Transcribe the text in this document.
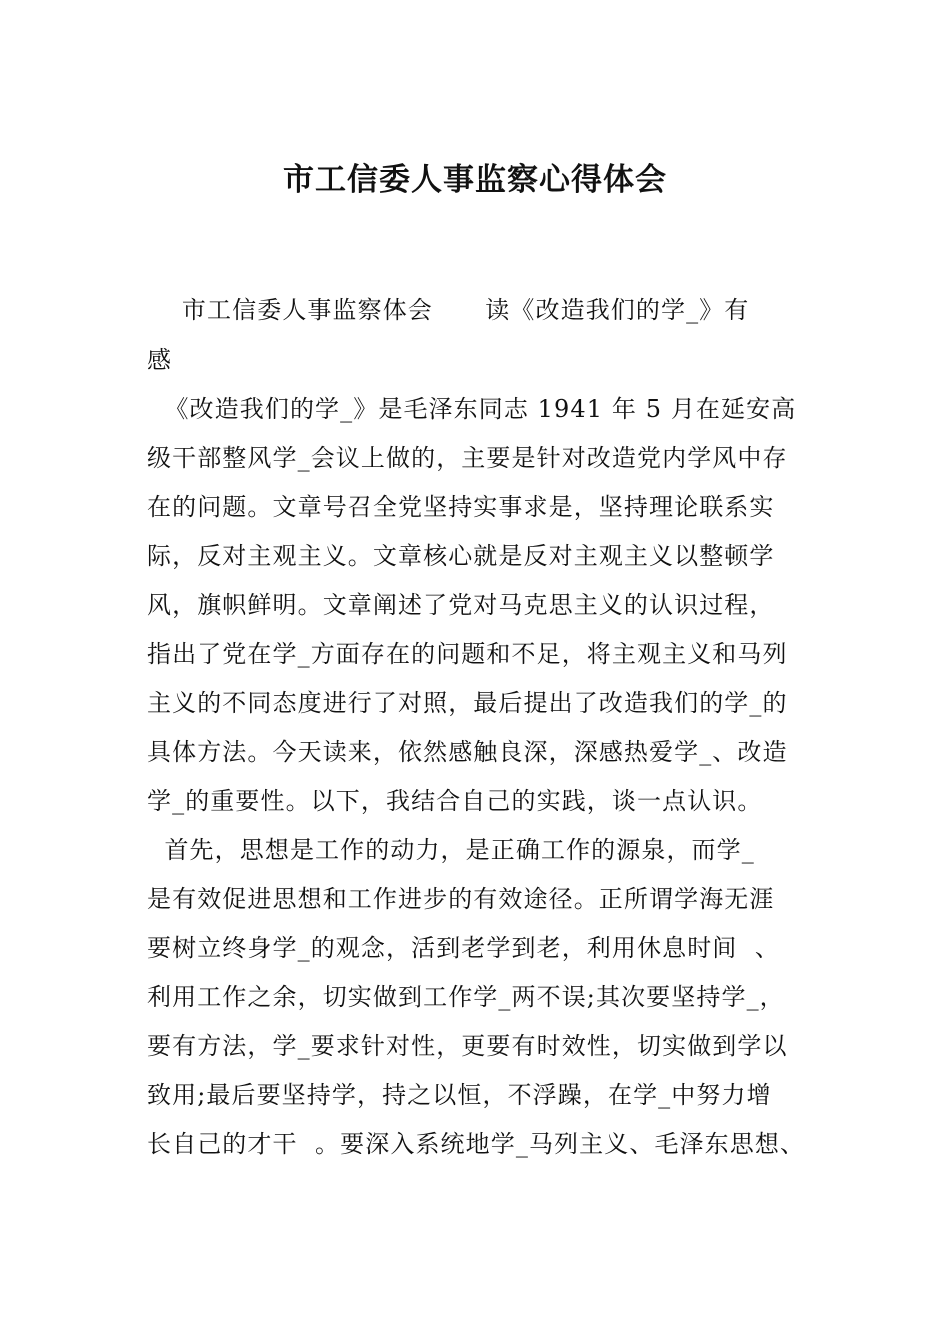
市工信委人事监察心得体会

市工信委人事监察体会      读《改造我们的学_》有

感

《改造我们的学_》是毛泽东同志 1941 年 5 月在延安高

级干部整风学_会议上做的，主要是针对改造党内学风中存

在的问题。文章号召全党坚持实事求是，坚持理论联系实

际，反对主观主义。文章核心就是反对主观主义以整顿学

风，旗帜鲜明。文章阐述了党对马克思主义的认识过程，

指出了党在学_方面存在的问题和不足，将主观主义和马列

主义的不同态度进行了对照，最后提出了改造我们的学_的

具体方法。今天读来，依然感触良深，深感热爱学_、改造

学_的重要性。以下，我结合自己的实践，谈一点认识。

首先，思想是工作的动力，是正确工作的源泉，而学_

是有效促进思想和工作进步的有效途径。正所谓学海无涯

要树立终身学_的观念，活到老学到老，利用休息时间  、

利用工作之余，切实做到工作学_两不误;其次要坚持学_，

要有方法，学_要求针对性，更要有时效性，切实做到学以

致用;最后要坚持学，持之以恒，不浮躁，在学_中努力增

长自己的才干  。要深入系统地学_马列主义、毛泽东思想、
